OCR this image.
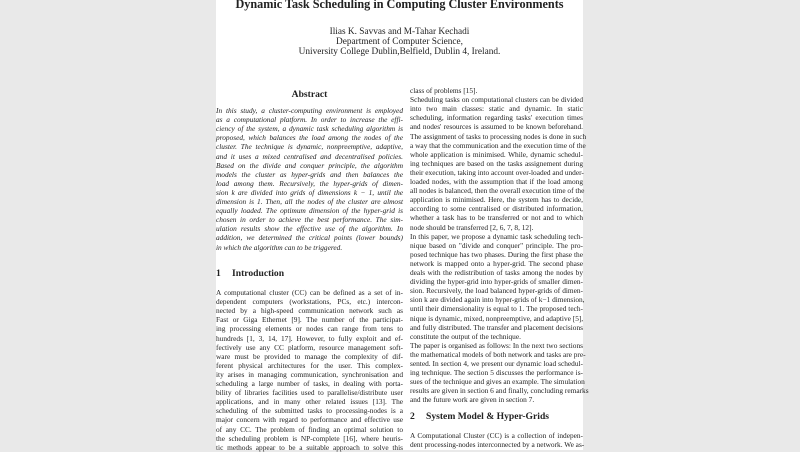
Dynamic Task Scheduling in Computing Cluster Environments
Ilias K. Savvas and M-Tahar Kechadi
Department of Computer Science,
University College Dublin,Belfield, Dublin 4, Ireland.
Abstract
In this study, a cluster-computing environment is employed
as a computational platform. In order to increase the effi-
ciency of the system, a dynamic task scheduling algorithm is
proposed, which balances the load among the nodes of the
cluster. The technique is dynamic, nonpreemptive, adaptive,
and it uses a mixed centralised and decentralised policies.
Based on the divide and conquer principle, the algorithm
models the cluster as hyper-grids and then balances the
load among them. Recursively, the hyper-grids of dimen-
sion k are divided into grids of dimensions k − 1, until the
dimension is 1. Then, all the nodes of the cluster are almost
equally loaded. The optimum dimension of the hyper-grid is
chosen in order to achieve the best performance. The sim-
ulation results show the effective use of the algorithm. In
addition, we determined the critical points (lower bounds)
in which the algorithm can to be triggered.
1 Introduction
A computational cluster (CC) can be defined as a set of in-
dependent computers (workstations, PCs, etc.) intercon-
nected by a high-speed communication network such as
Fast or Giga Ethernet [9]. The number of the participat-
ing processing elements or nodes can range from tens to
hundreds [1, 3, 14, 17]. However, to fully exploit and ef-
fectively use any CC platform, resource management soft-
ware must be provided to manage the complexity of dif-
ferent physical architectures for the user. This complex-
ity arises in managing communication, synchronisation and
scheduling a large number of tasks, in dealing with porta-
bility of libraries facilities used to parallelise/distribute user
applications, and in many other related issues [13]. The
scheduling of the submitted tasks to processing-nodes is a
major concern with regard to performance and effective use
of any CC. The problem of finding an optimal solution to
the scheduling problem is NP-complete [16], where heuris-
tic methods appear to be a suitable approach to solve this
class of problems [15].
Scheduling tasks on computational clusters can be divided
into two main classes: static and dynamic. In static
scheduling, information regarding tasks' execution times
and nodes' resources is assumed to be known beforehand.
The assignment of tasks to processing nodes is done in such
a way that the communication and the execution time of the
whole application is minimised. While, dynamic schedul-
ing techniques are based on the tasks assignement during
their execution, taking into account over-loaded and under-
loaded nodes, with the assumption that if the load among
all nodes is balanced, then the overall execution time of the
application is minimised. Here, the system has to decide,
according to some centralised or distributed information,
whether a task has to be transferred or not and to which
node should be transferred [2, 6, 7, 8, 12].
In this paper, we propose a dynamic task scheduling tech-
nique based on "divide and conquer" principle. The pro-
posed technique has two phases. During the first phase the
network is mapped onto a hyper-grid. The second phase
deals with the redistribution of tasks among the nodes by
dividing the hyper-grid into hyper-grids of smaller dimen-
sion. Recursively, the load balanced hyper-grids of dimen-
sion k are divided again into hyper-grids of k−1 dimension,
until their dimensionality is equal to 1. The proposed tech-
nique is dynamic, mixed, nonpreemptive, and adaptive [5],
and fully distributed. The transfer and placement decisions
constitute the output of the technique.
The paper is organised as follows: In the next two sections
the mathematical models of both network and tasks are pre-
sented. In section 4, we present our dynamic load schedul-
ing technique. The section 5 discusses the performance is-
sues of the technique and gives an example. The simulation
results are given in section 6 and finally, concluding remarks
and the future work are given in section 7.
2 System Model & Hyper-Grids
A Computational Cluster (CC) is a collection of indepen-
dent processing-nodes interconnected by a network. We as-
